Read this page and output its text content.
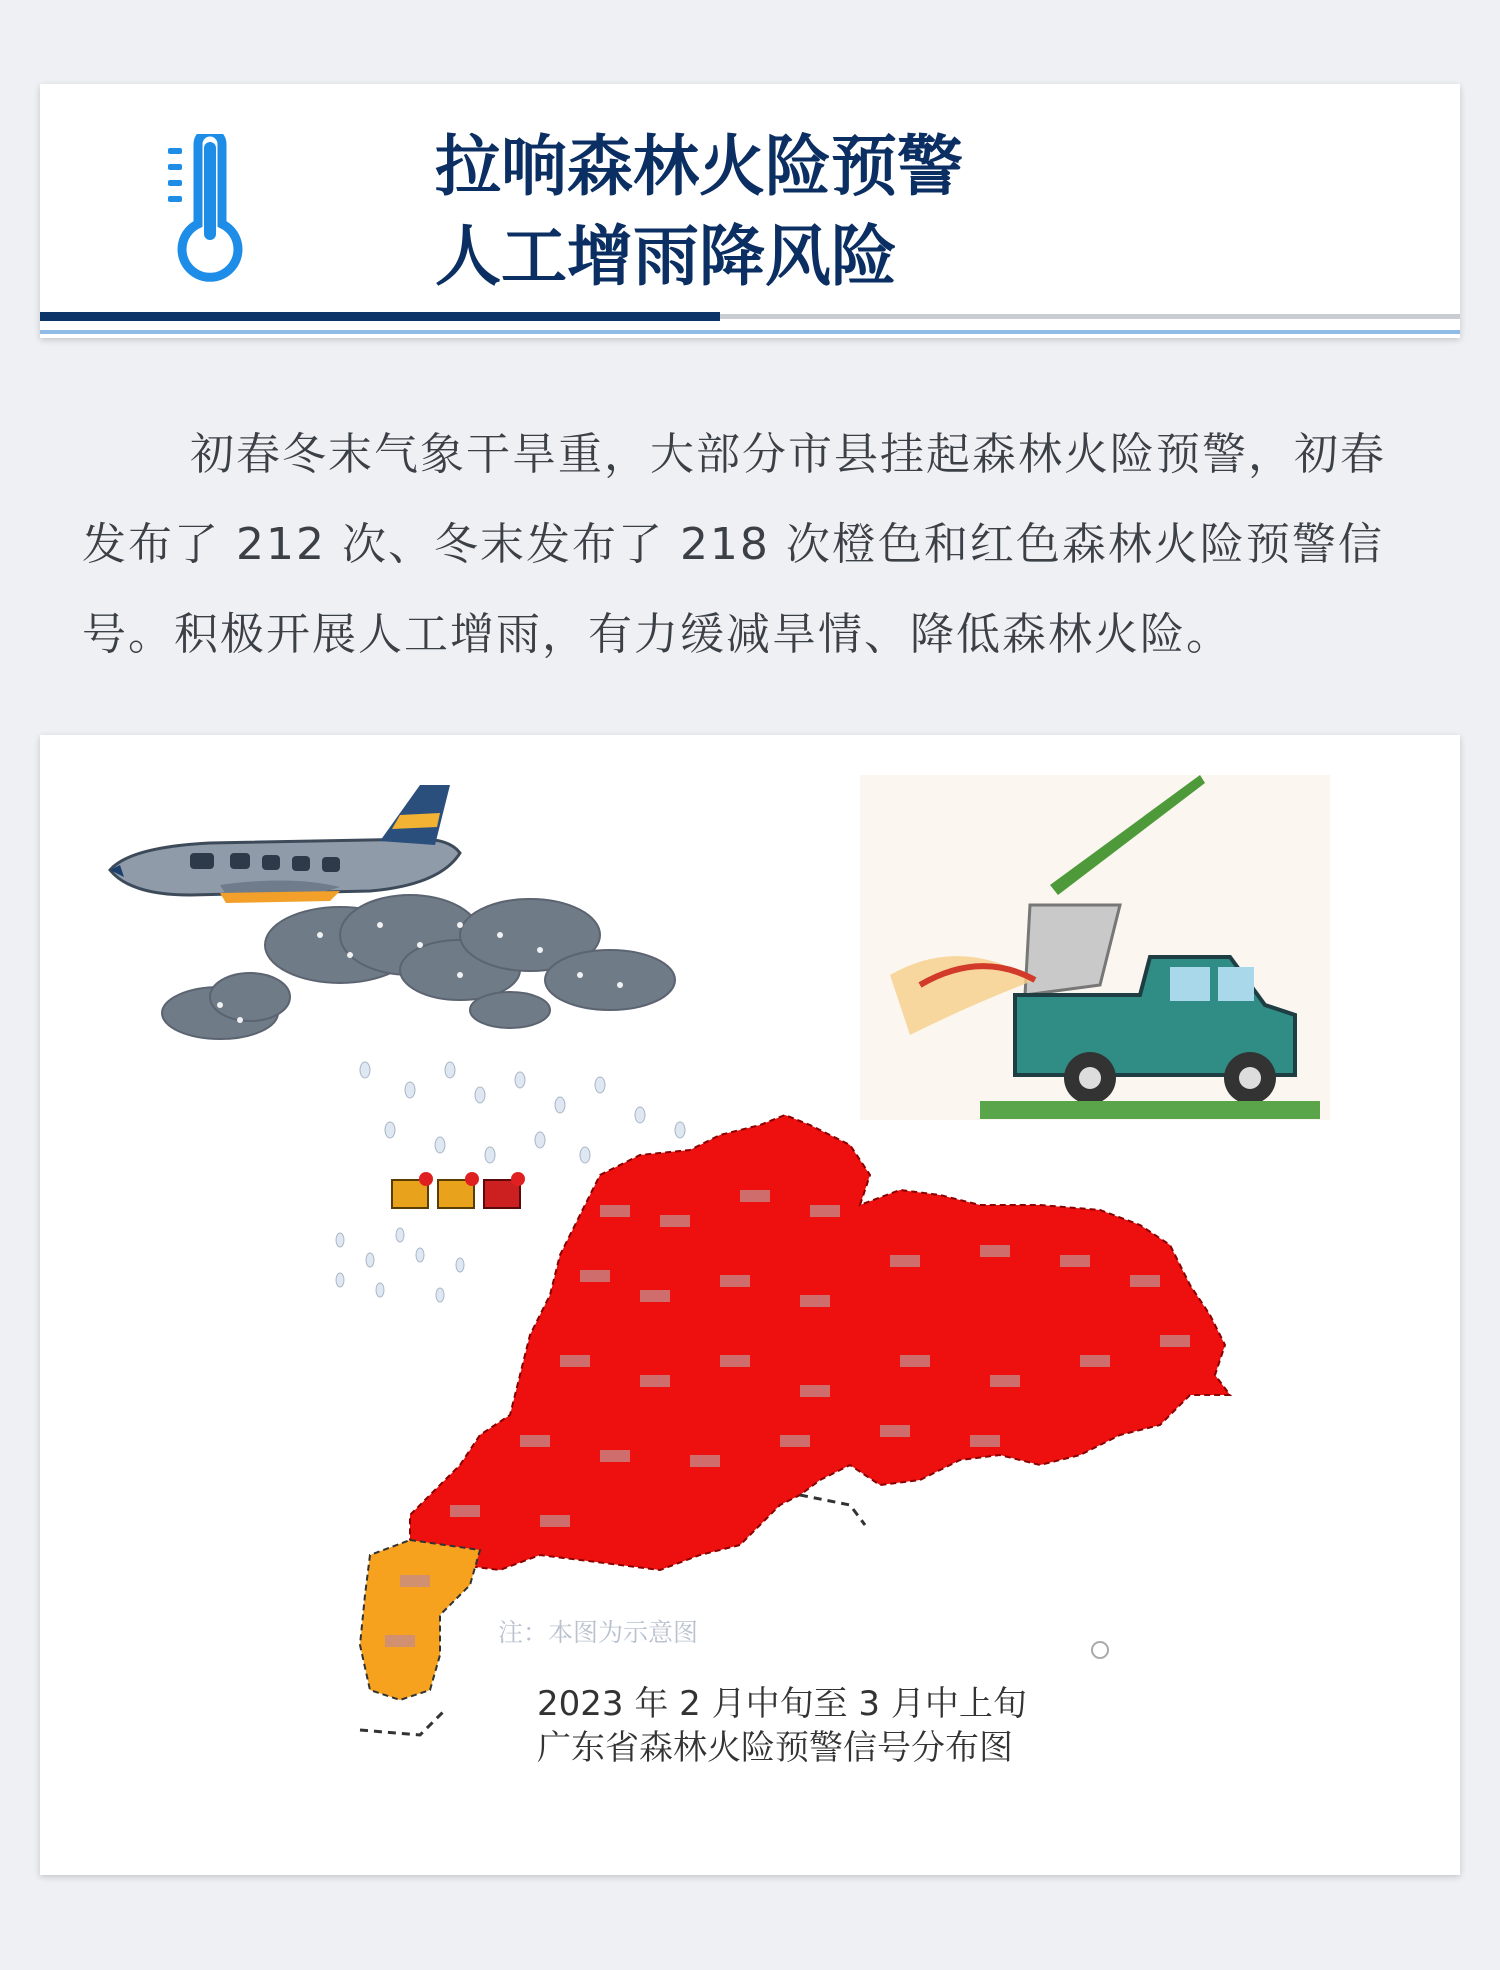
拉响森林火险预警
人工增雨降风险
初春冬末气象干旱重，大部分市县挂起森林火险预警，初春发布了 212 次、冬末发布了 218 次橙色和红色森林火险预警信号。积极开展人工增雨，有力缓减旱情、降低森林火险。
注：本图为示意图
2023 年 2 月中旬至 3 月中上旬
广东省森林火险预警信号分布图
